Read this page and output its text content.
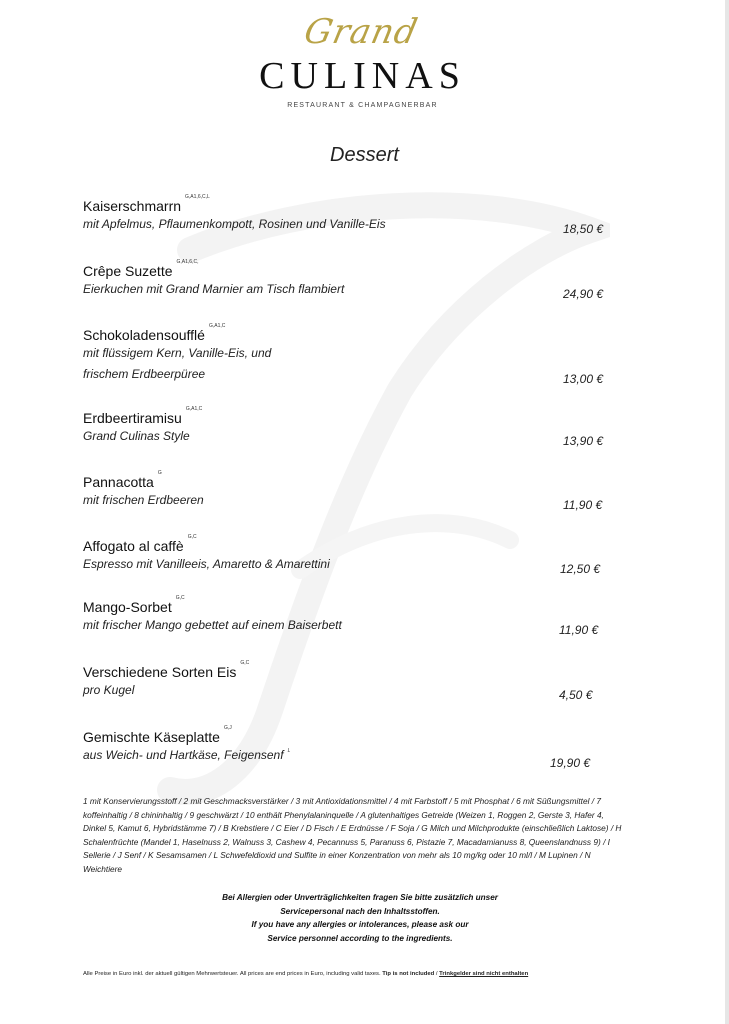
Grand
CULINAS
RESTAURANT & CHAMPAGNERBAR
Dessert
Kaiserschmarrn$^{G,A1,6,C,L}$
mit Apfelmus, Pflaumenkompott, Rosinen und Vanille-Eis	18,50 €
Crêpe Suzette$^{G,A1,6,C,}$
Eierkuchen mit Grand Marnier am Tisch flambiert	24,90 €
Schokoladensoufflé$^{G,A1,C}$
mit flüssigem Kern, Vanille-Eis, und
frischem Erdbeerpüree	13,00 €
Erdbeertiramisu$^{G,A1,C}$
Grand Culinas Style	13,90 €
Pannacotta$^G$
mit frischen Erdbeeren	11,90 €
Affogato al caffè$^{G,C}$
Espresso mit Vanilleeis, Amaretto & Amarettini	12,50 €
Mango-Sorbet$^{G,C}$
mit frischer Mango gebettet auf einem Baiserbett	11,90 €
Verschiedene Sorten Eis$^{G,C}$
pro Kugel	4,50 €
Gemischte Käseplatte$^{G,J}$
aus Weich- und Hartkäse, Feigensenf $^L$
19,90 €
1 mit Konservierungsstoff / 2 mit Geschmacksverstärker / 3 mit Antioxidationsmittel / 4 mit Farbstoff / 5 mit Phosphat / 6 mit Süßungsmittel / 7 koffeinhaltig / 8 chininhaltig / 9 geschwärzt / 10 enthält Phenylalaninquelle / A glutenhaltiges Getreide (Weizen 1, Roggen 2, Gerste 3, Hafer 4, Dinkel 5, Kamut 6, Hybridstämme 7) / B Krebstiere / C Eier / D Fisch / E Erdnüsse / F Soja / G Milch und Milchprodukte (einschließlich Laktose) / H Schalenfrüchte (Mandel 1, Haselnuss 2, Walnuss 3, Cashew 4, Pecannuss 5, Paranuss 6, Pistazie 7, Macadamianuss 8, Queenslandnuss 9) / I Sellerie / J Senf / K Sesamsamen / L Schwefeldioxid und Sulfite in einer Konzentration von mehr als 10 mg/kg oder 10 ml/l / M Lupinen / N Weichtiere
Bei Allergien oder Unverträglichkeiten fragen Sie bitte zusätzlich unser
Servicepersonal nach den Inhaltsstoffen.
If you have any allergies or intolerances, please ask our
Service personnel according to the ingredients.
Alle Preise in Euro inkl. der aktuell gültigen Mehrwertsteuer. All prices are end prices in Euro, including valid taxes. Tip is not included / Trinkgelder sind nicht enthalten
